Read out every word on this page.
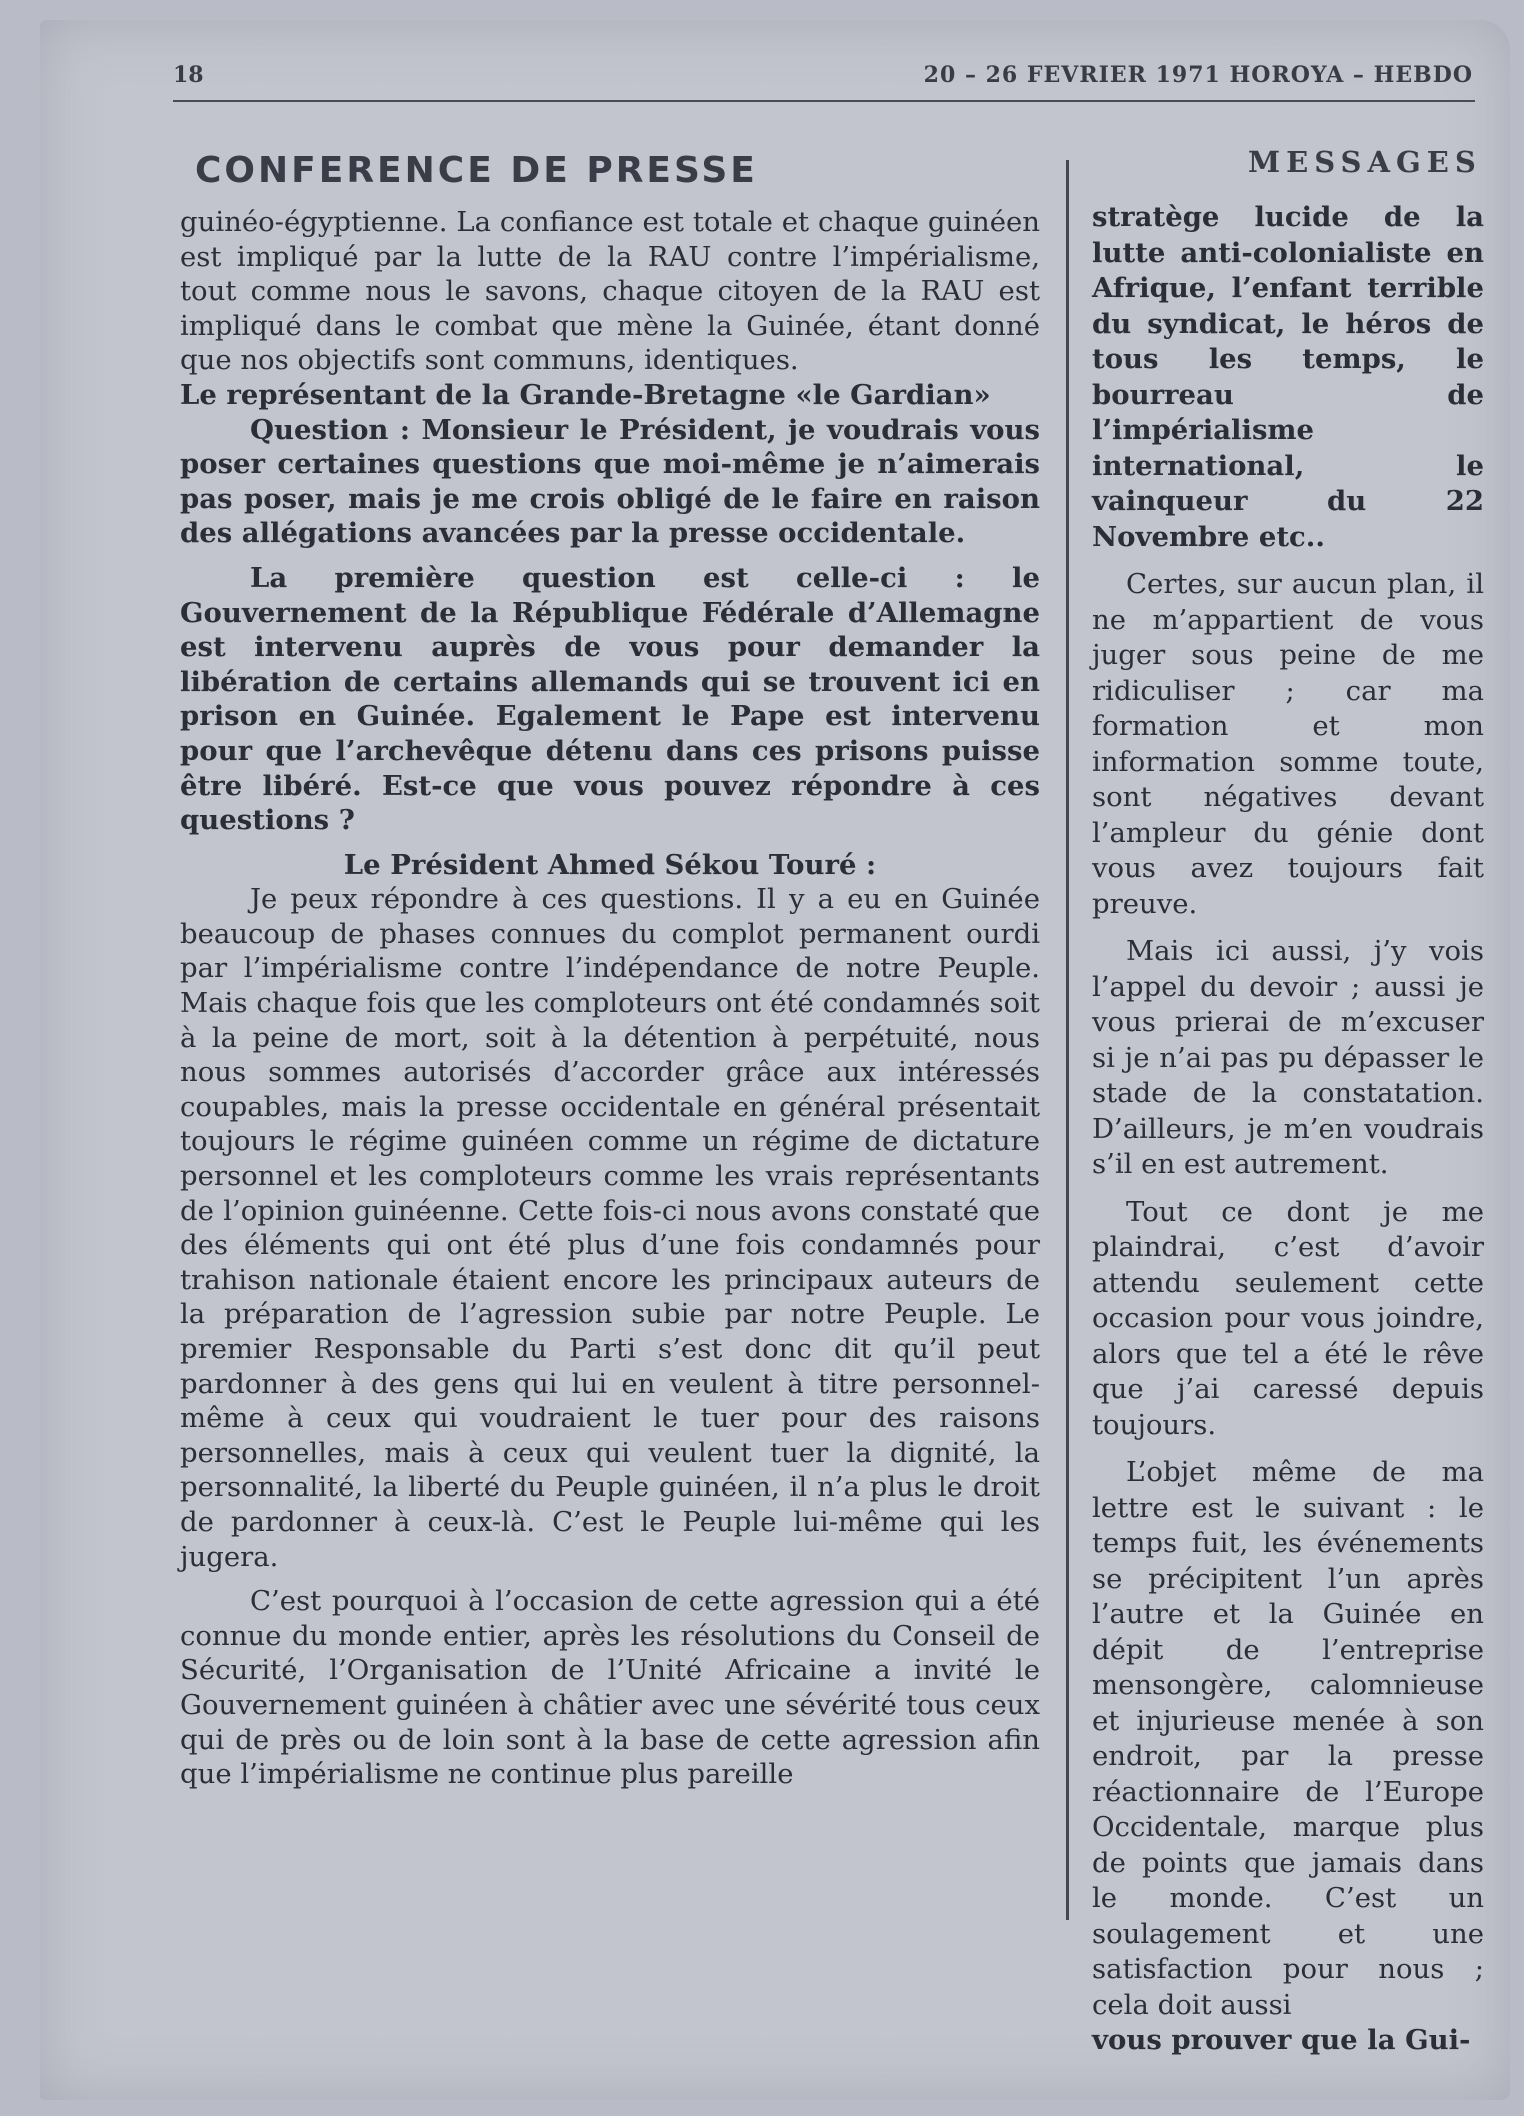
18	20 – 26 FEVRIER 1971 HOROYA – HEBDO
CONFERENCE DE PRESSE	MESSAGES

guinéo-égyptienne. La confiance est totale et chaque guinéen est impliqué par la lutte de la RAU contre l’impérialisme, tout comme nous le savons, chaque citoyen de la RAU est impliqué dans le combat que mène la Guinée, étant donné que nos objectifs sont communs, identiques.

Le représentant de la Grande-Bretagne «le Gardian»

Question : Monsieur le Président, je voudrais vous poser certaines questions que moi-même je n’aimerais pas poser, mais je me crois obligé de le faire en raison des allégations avancées par la presse occidentale.

La première question est celle-ci : le Gouvernement de la République Fédérale d’Allemagne est intervenu auprès de vous pour demander la libération de certains allemands qui se trouvent ici en prison en Guinée. Egalement le Pape est intervenu pour que l’archevêque détenu dans ces prisons puisse être libéré. Est-ce que vous pouvez répondre à ces questions ?

Le Président Ahmed Sékou Touré :

Je peux répondre à ces questions. Il y a eu en Guinée beaucoup de phases connues du complot permanent ourdi par l’impérialisme contre l’indépendance de notre Peuple. Mais chaque fois que les comploteurs ont été condamnés soit à la peine de mort, soit à la détention à perpétuité, nous nous sommes autorisés d’accorder grâce aux intéressés coupables, mais la presse occidentale en général présentait toujours le régime guinéen comme un régime de dictature personnel et les comploteurs comme les vrais représentants de l’opinion guinéenne. Cette fois-ci nous avons constaté que des éléments qui ont été plus d’une fois condamnés pour trahison nationale étaient encore les principaux auteurs de la préparation de l’agression subie par notre Peuple. Le premier Responsable du Parti s’est donc dit qu’il peut pardonner à des gens qui lui en veulent à titre personnel-même à ceux qui voudraient le tuer pour des raisons personnelles, mais à ceux qui veulent tuer la dignité, la personnalité, la liberté du Peuple guinéen, il n’a plus le droit de pardonner à ceux-là. C’est le Peuple lui-même qui les jugera.

C’est pourquoi à l’occasion de cette agression qui a été connue du monde entier, après les résolutions du Conseil de Sécurité, l’Organisation de l’Unité Africaine a invité le Gouvernement guinéen à châtier avec une sévérité tous ceux qui de près ou de loin sont à la base de cette agression afin que l’impérialisme ne continue plus pareille

stratège lucide de la lutte anti-colonialiste en Afrique, l’enfant terrible du syndicat, le héros de tous les temps, le bourreau de l’impérialisme international, le vainqueur du 22 Novembre etc..

Certes, sur aucun plan, il ne m’appartient de vous juger sous peine de me ridiculiser ; car ma formation et mon information somme toute, sont négatives devant l’ampleur du génie dont vous avez toujours fait preuve.

Mais ici aussi, j’y vois l’appel du devoir ; aussi je vous prierai de m’excuser si je n’ai pas pu dépasser le stade de la constatation. D’ailleurs, je m’en voudrais s’il en est autrement.

Tout ce dont je me plaindrai, c’est d’avoir attendu seulement cette occasion pour vous joindre, alors que tel a été le rêve que j’ai caressé depuis toujours.

L’objet même de ma lettre est le suivant : le temps fuit, les événements se précipitent l’un après l’autre et la Guinée en dépit de l’entreprise mensongère, calomnieuse et injurieuse menée à son endroit, par la presse réactionnaire de l’Europe Occidentale, marque plus de points que jamais dans le monde. C’est un soulagement et une satisfaction pour nous ; cela doit aussi

vous prouver que la Gui-
